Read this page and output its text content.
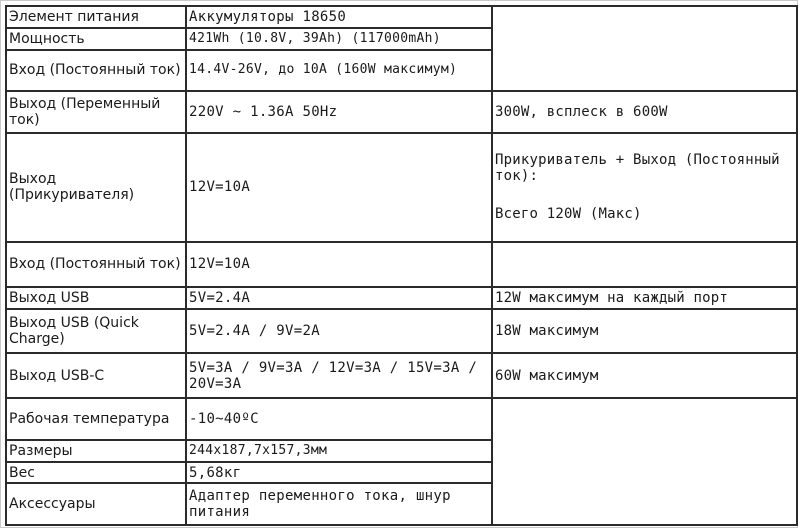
Элемент питания	Аккумуляторы 18650	
Мощность	421Wh (10.8V, 39Ah) (117000mAh)	
Вход (Постоянный ток)	14.4V-26V, до 10A (160W максимум)	
Выход (Переменный ток)	220V ~ 1.36A 50Hz	300W, всплеск в 600W
Выход (Прикуривателя)	12V=10A	Прикуриватель + Выход (Постоянный ток):
Всего 120W (Макс)

Вход (Постоянный ток)	12V=10A	
Выход USB	5V=2.4A	12W максимум на каждый порт
Выход USB (Quick Charge)	5V=2.4A / 9V=2A	18W максимум
Выход USB-C	5V=3A / 9V=3A / 12V=3A / 15V=3A / 20V=3A	60W максимум
Рабочая температура	-10~40ºC	
Размеры	244х187,7х157,3мм	
Вес	5,68кг	
Аксессуары	Адаптер переменного тока, шнур питания	
